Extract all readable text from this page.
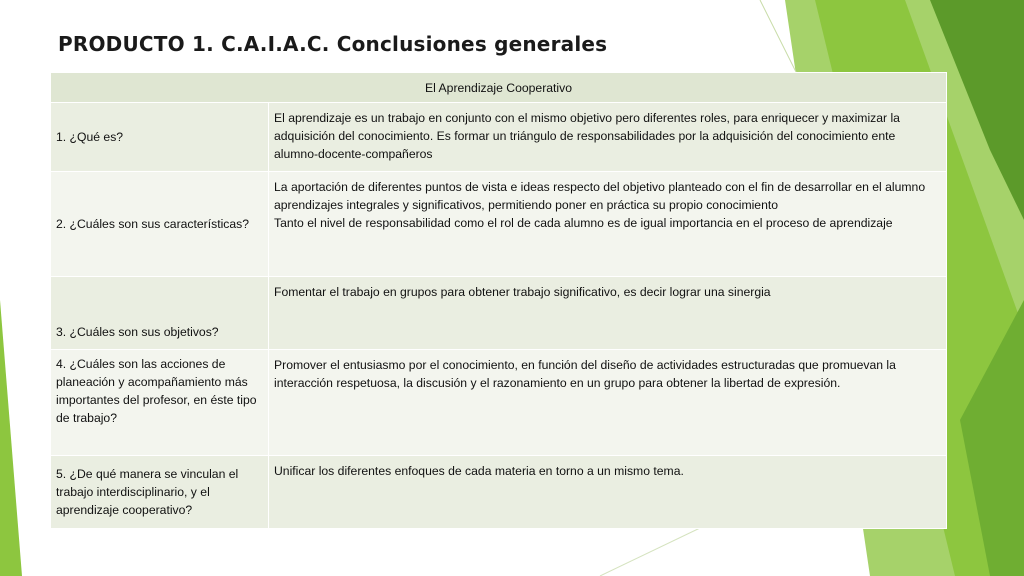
PRODUCTO 1. C.A.I.A.C. Conclusiones generales
El Aprendizaje Cooperativo	
1. ¿Qué es?	El aprendizaje es un trabajo en conjunto con el mismo objetivo pero diferentes roles, para enriquecer y maximizar la adquisición del conocimiento. Es formar un triángulo de responsabilidades por la adquisición del conocimiento ente alumno-docente-compañeros

2. ¿Cuáles son sus características?	La aportación de diferentes puntos de vista e ideas respecto del objetivo planteado con el fin de desarrollar en el alumno aprendizajes integrales y significativos, permitiendo poner en práctica su propio conocimiento

Tanto el nivel de responsabilidad como el rol de cada alumno es de igual importancia en el proceso de aprendizaje

3. ¿Cuáles son sus objetivos?	Fomentar el trabajo en grupos para obtener trabajo significativo, es decir lograr una sinergia

4. ¿Cuáles son las acciones de planeación y acompañamiento más importantes del profesor, en éste tipo de trabajo?	Promover el entusiasmo por el conocimiento, en función del diseño de actividades estructuradas que promuevan la interacción respetuosa, la discusión y el razonamiento en un grupo para obtener la libertad de expresión.

5. ¿De qué manera se vinculan el trabajo interdisciplinario, y el aprendizaje cooperativo?	Unificar los diferentes enfoques de cada materia en torno a un mismo tema.
